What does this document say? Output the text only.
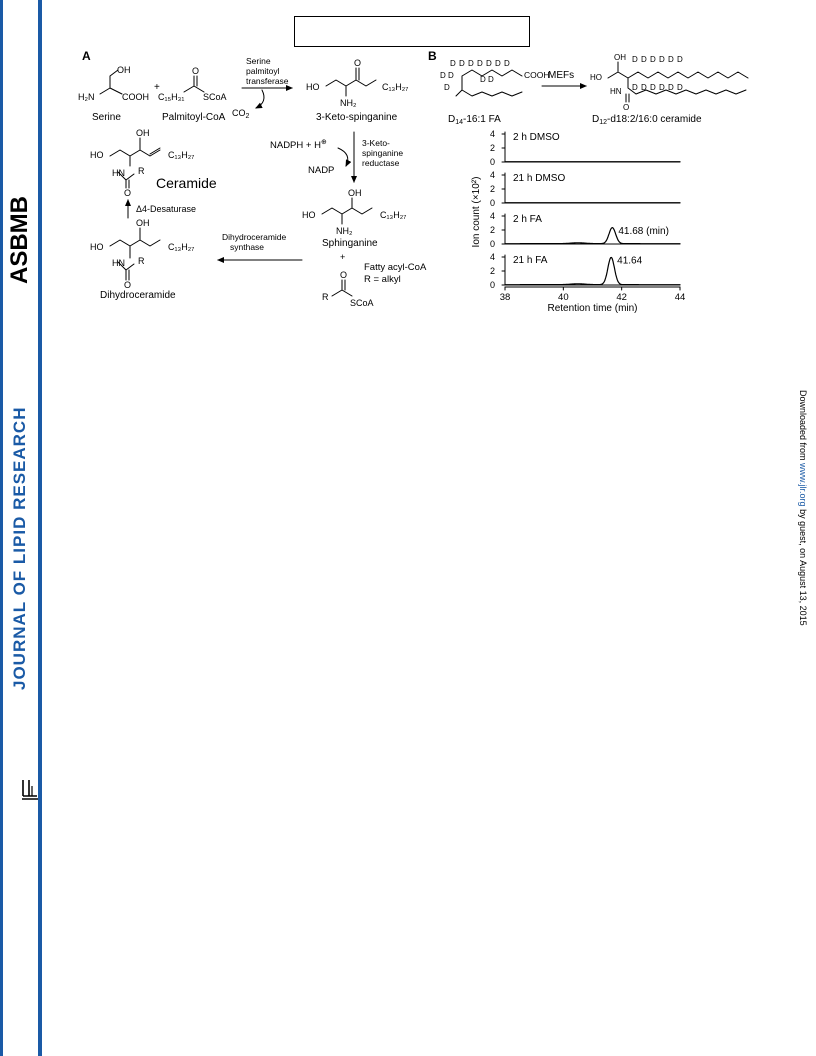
ASBMB
JOURNAL OF LIPID RESEARCH	Downloaded from www.jlr.org by guest, on August 13, 2015
A
OH
H₂N	COOH
Serine
+
O
C₁₅H₃₁ SCoA
Palmitoyl-CoA
Serine
palmitoyl
transferase
$CO_2$
HO
O
C₁₃H₂₇
NH₂
3-Keto-spinganine
NADPH + H⊕
NADP
3-Keto-
spinganine
reductase
OH
HO	C₁₃H₂₇
NH₂
Sphinganine
+
Fatty acyl-CoA
R = alkyl
O
R
SCoA
Dihydroceramide
synthase
OH
HO	C₁₃H₂₇
HN R
O
Dihydroceramide
Δ4-Desaturase
OH
HO	C₁₃H₂₇
HN R
O
Ceramide
B
D D D D D D D
D D
D
D D	COOH
$D_{14}-16:1$ FA
MEFs
OH
HO
HN
O
D D D D D D
D D D D D D
$D_{12}-d18:2/16:0$ ceramide
0
2
4 2 h DMSO
0
2
4 21 h DMSO
0
2
4 2 h FA
41.68 (min)
0
2
4 21 h FA	41.64
38	40	42	44
Retention time (min)
Ion count (×10²)
